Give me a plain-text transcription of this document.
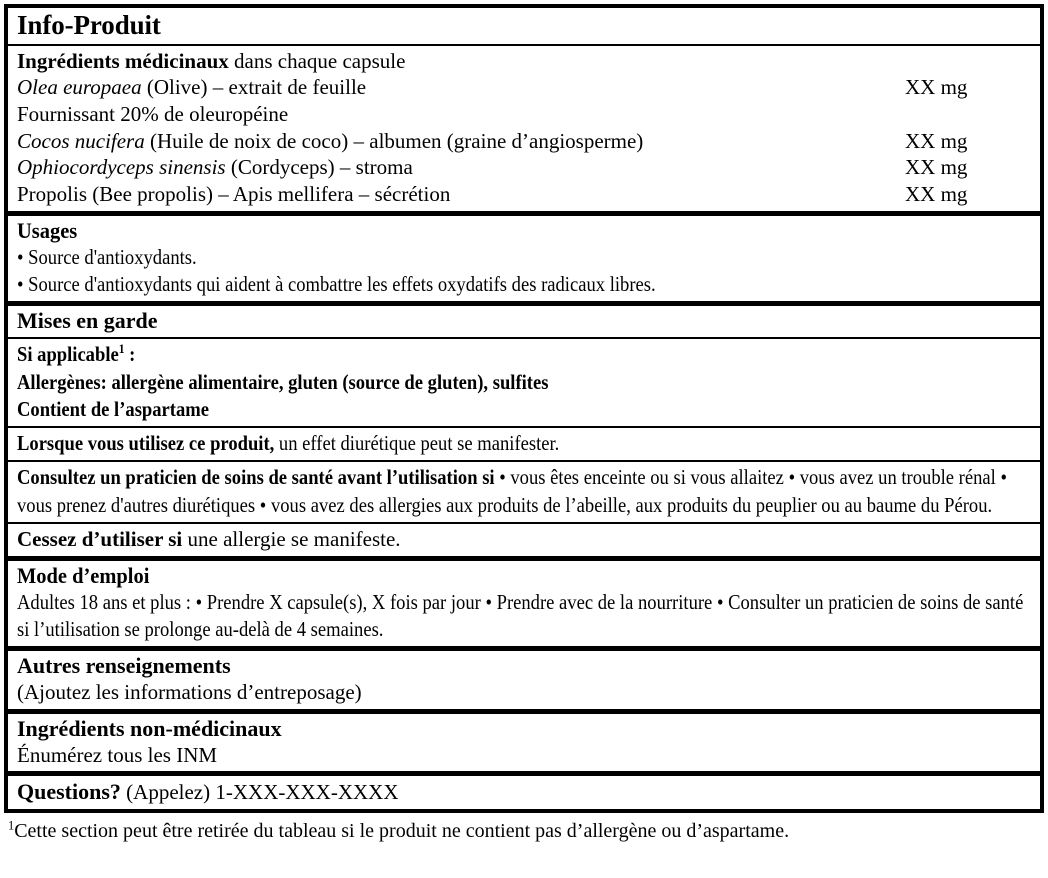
Info-Produit
Ingrédients médicinaux dans chaque capsule
Olea europaea (Olive) – extrait de feuille	XX mg
Fournissant 20% de oleuropéine
Cocos nucifera (Huile de noix de coco) – albumen (graine d’angiosperme)	XX mg
Ophiocordyceps sinensis (Cordyceps) – stroma	XX mg
Propolis (Bee propolis) – Apis mellifera – sécrétion	XX mg
Usages
• Source d'antioxydants.
• Source d'antioxydants qui aident à combattre les effets oxydatifs des radicaux libres.
Mises en garde
Si applicable$^1$ :
Allergènes: allergène alimentaire, gluten (source de gluten), sulfites
Contient de l’aspartame
Lorsque vous utilisez ce produit, un effet diurétique peut se manifester.
Consultez un praticien de soins de santé avant l’utilisation si • vous êtes enceinte ou si vous allaitez • vous avez un trouble rénal • vous prenez d'autres diurétiques • vous avez des allergies aux produits de l’abeille, aux produits du peuplier ou au baume du Pérou.
Cessez d’utiliser si une allergie se manifeste.
Mode d’emploi
Adultes 18 ans et plus : • Prendre X capsule(s), X fois par jour • Prendre avec de la nourriture • Consulter un praticien de soins de santé si l’utilisation se prolonge au-delà de 4 semaines.
Autres renseignements
(Ajoutez les informations d’entreposage)
Ingrédients non-médicinaux
Énumérez tous les INM
Questions? (Appelez) 1-XXX-XXX-XXXX
$^1$Cette section peut être retirée du tableau si le produit ne contient pas d’allergène ou d’aspartame.
